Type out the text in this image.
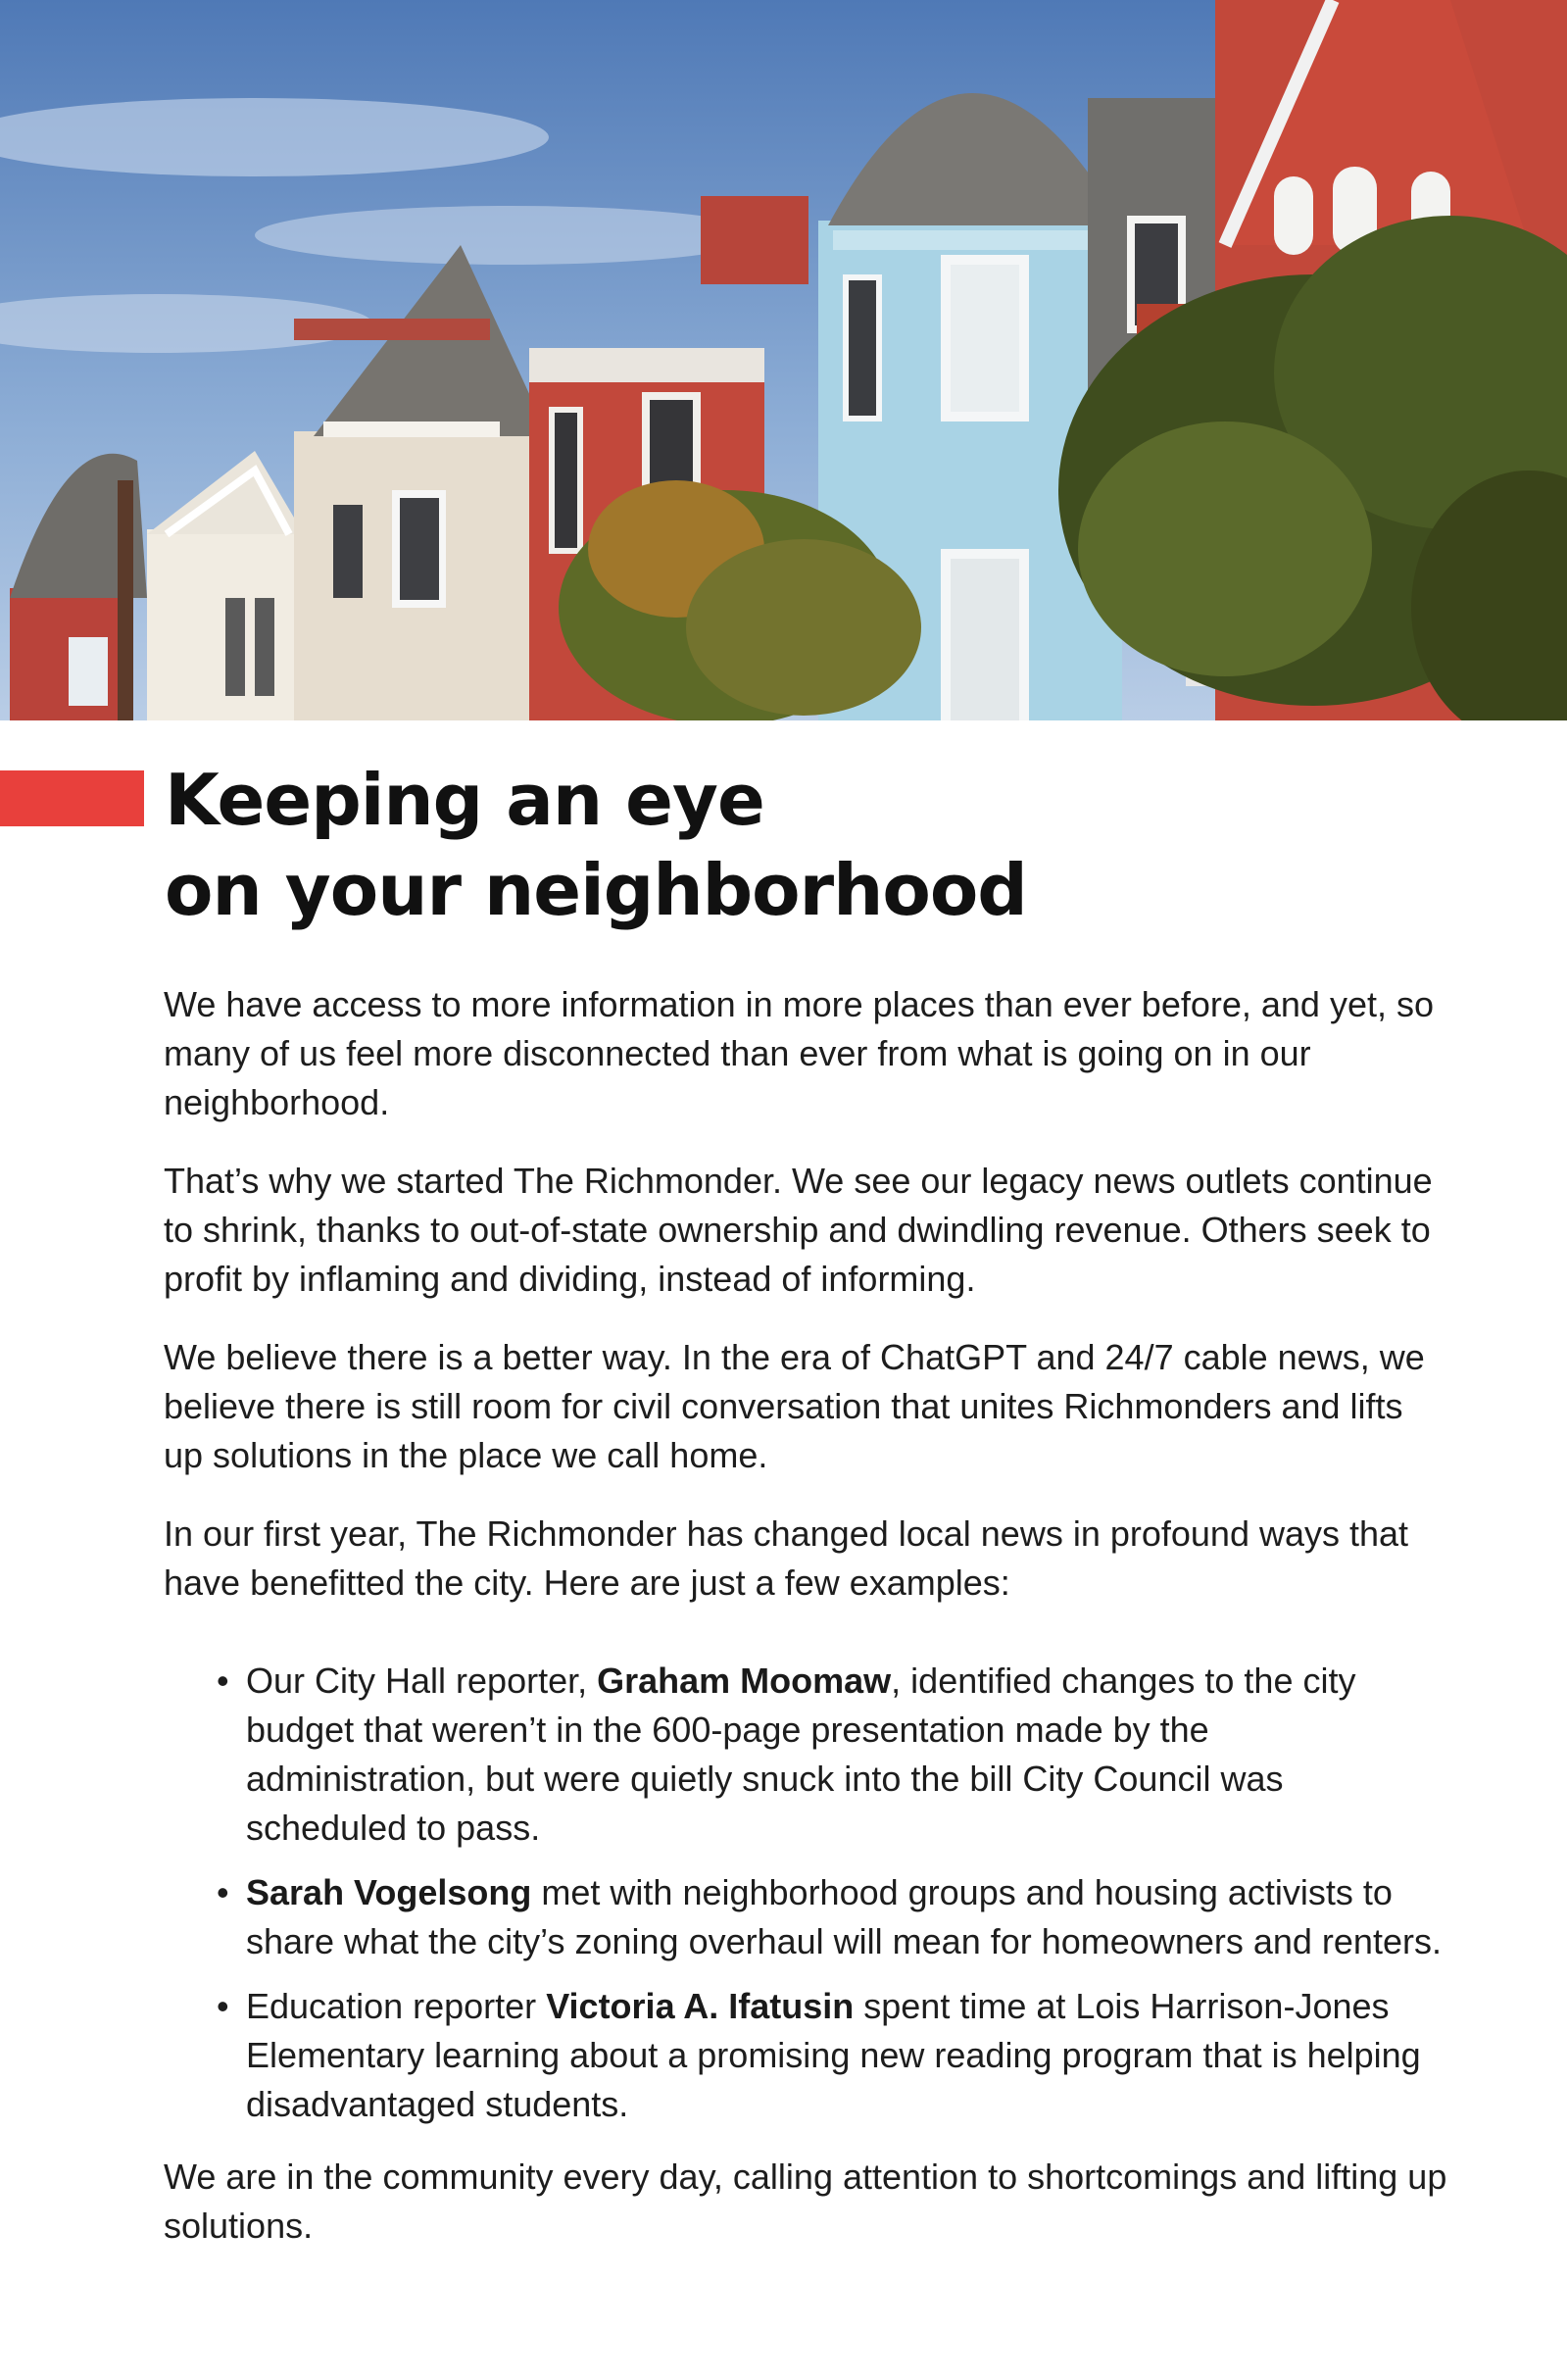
Keeping an eye
on your neighborhood

We have access to more information in more places than ever before, and yet, so many of us feel more disconnected than ever from what is going on in our neighborhood.

That’s why we started The Richmonder. We see our legacy news outlets continue to shrink, thanks to out-of-state ownership and dwindling revenue. Others seek to profit by inflaming and dividing, instead of informing.

We believe there is a better way. In the era of ChatGPT and 24/7 cable news, we believe there is still room for civil conversation that unites Richmonders and lifts up solutions in the place we call home.

In our first year, The Richmonder has changed local news in profound ways that have benefitted the city. Here are just a few examples:

• Our City Hall reporter, Graham Moomaw, identified changes to the city budget that weren’t in the 600-page presentation made by the administration, but were quietly snuck into the bill City Council was scheduled to pass.
• Sarah Vogelsong met with neighborhood groups and housing activists to share what the city’s zoning overhaul will mean for homeowners and renters.
• Education reporter Victoria A. Ifatusin spent time at Lois Harrison-Jones Elementary learning about a promising new reading program that is helping disadvantaged students.

We are in the community every day, calling attention to shortcomings and lifting up solutions.
